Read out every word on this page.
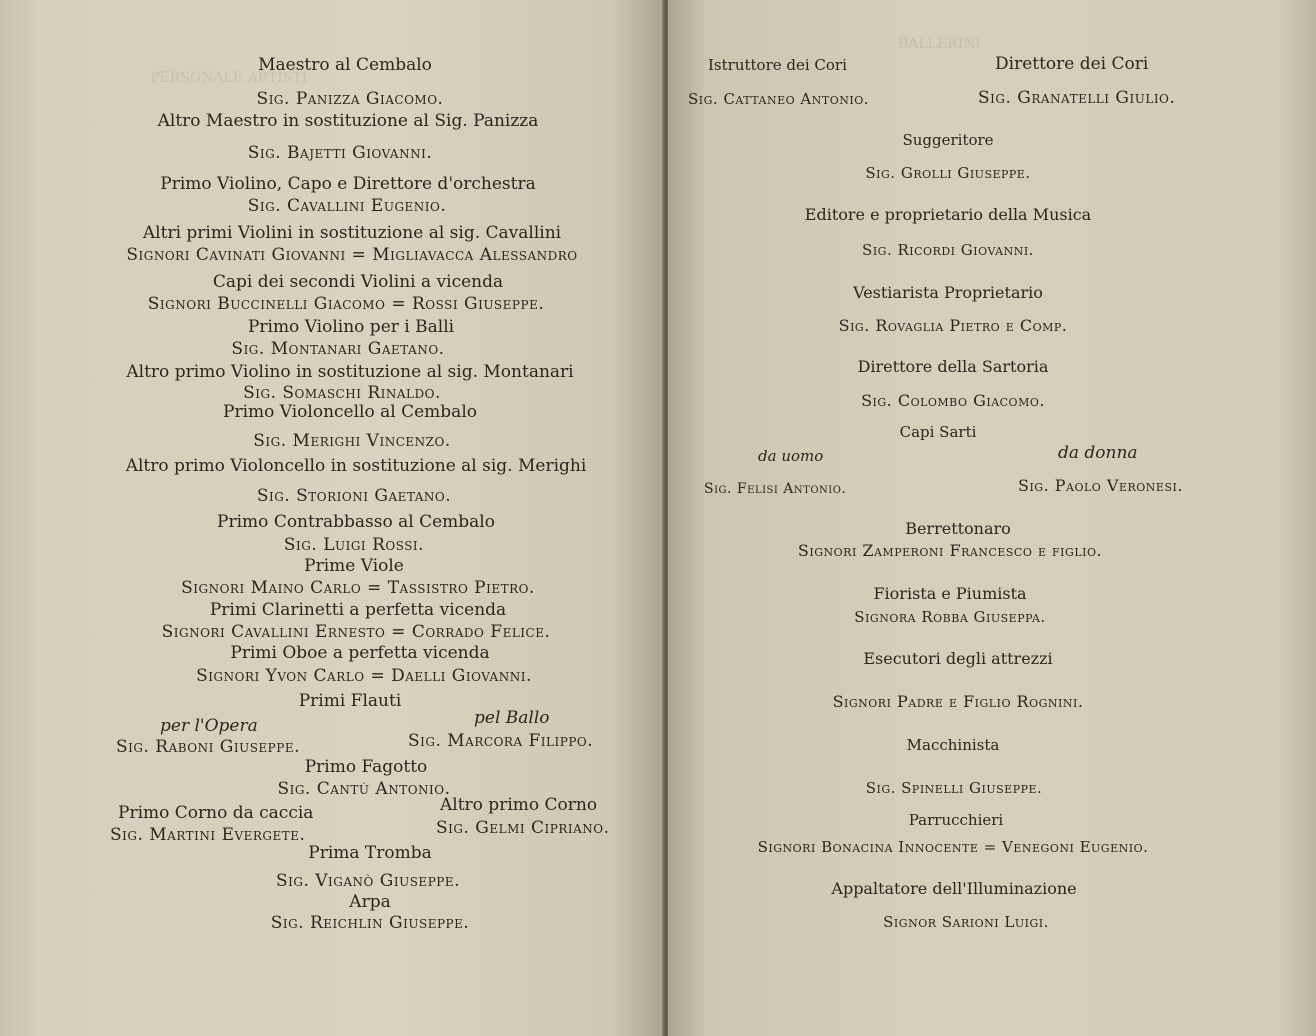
PERSONALE ARTISTI
Maestro al Cembalo
Sig. Panizza Giacomo.
Altro Maestro in sostituzione al Sig. Panizza
Sig. Bajetti Giovanni.
Primo Violino, Capo e Direttore d'orchestra
Sig. Cavallini Eugenio.
Altri primi Violini in sostituzione al sig. Cavallini
Signori Cavinati Giovanni = Migliavacca Alessandro
Capi dei secondi Violini a vicenda
Signori Buccinelli Giacomo = Rossi Giuseppe.
Primo Violino per i Balli
Sig. Montanari Gaetano.
Altro primo Violino in sostituzione al sig. Montanari
Sig. Somaschi Rinaldo.
Primo Violoncello al Cembalo
Sig. Merighi Vincenzo.
Altro primo Violoncello in sostituzione al sig. Merighi
Sig. Storioni Gaetano.
Primo Contrabbasso al Cembalo
Sig. Luigi Rossi.
Prime Viole
Signori Maino Carlo = Tassistro Pietro.
Primi Clarinetti a perfetta vicenda
Signori Cavallini Ernesto = Corrado Felice.
Primi Oboe a perfetta vicenda
Signori Yvon Carlo = Daelli Giovanni.
Primi Flauti
per l'Opera	pel Ballo
Sig. Raboni Giuseppe.	Sig. Marcora Filippo.
Primo Fagotto
Sig. Cantù Antonio.
Primo Corno da caccia	Altro primo Corno
Sig. Martini Evergete.	Sig. Gelmi Cipriano.
Prima Tromba
Sig. Viganò Giuseppe.
Arpa
Sig. Reichlin Giuseppe.
BALLERINI
Istruttore dei Cori	Direttore dei Cori
Sig. Cattaneo Antonio.	Sig. Granatelli Giulio.
Suggeritore
Sig. Grolli Giuseppe.
Editore e proprietario della Musica
Sig. Ricordi Giovanni.
Vestiarista Proprietario
Sig. Rovaglia Pietro e Comp.
Direttore della Sartoria
Sig. Colombo Giacomo.
Capi Sarti
da uomo	da donna
Sig. Felisi Antonio.	Sig. Paolo Veronesi.
Berrettonaro
Signori Zamperoni Francesco e figlio.
Fiorista e Piumista
Signora Robba Giuseppa.
Esecutori degli attrezzi
Signori Padre e Figlio Rognini.
Macchinista
Sig. Spinelli Giuseppe.
Parrucchieri
Signori Bonacina Innocente = Venegoni Eugenio.
Appaltatore dell'Illuminazione
Signor Sarioni Luigi.
